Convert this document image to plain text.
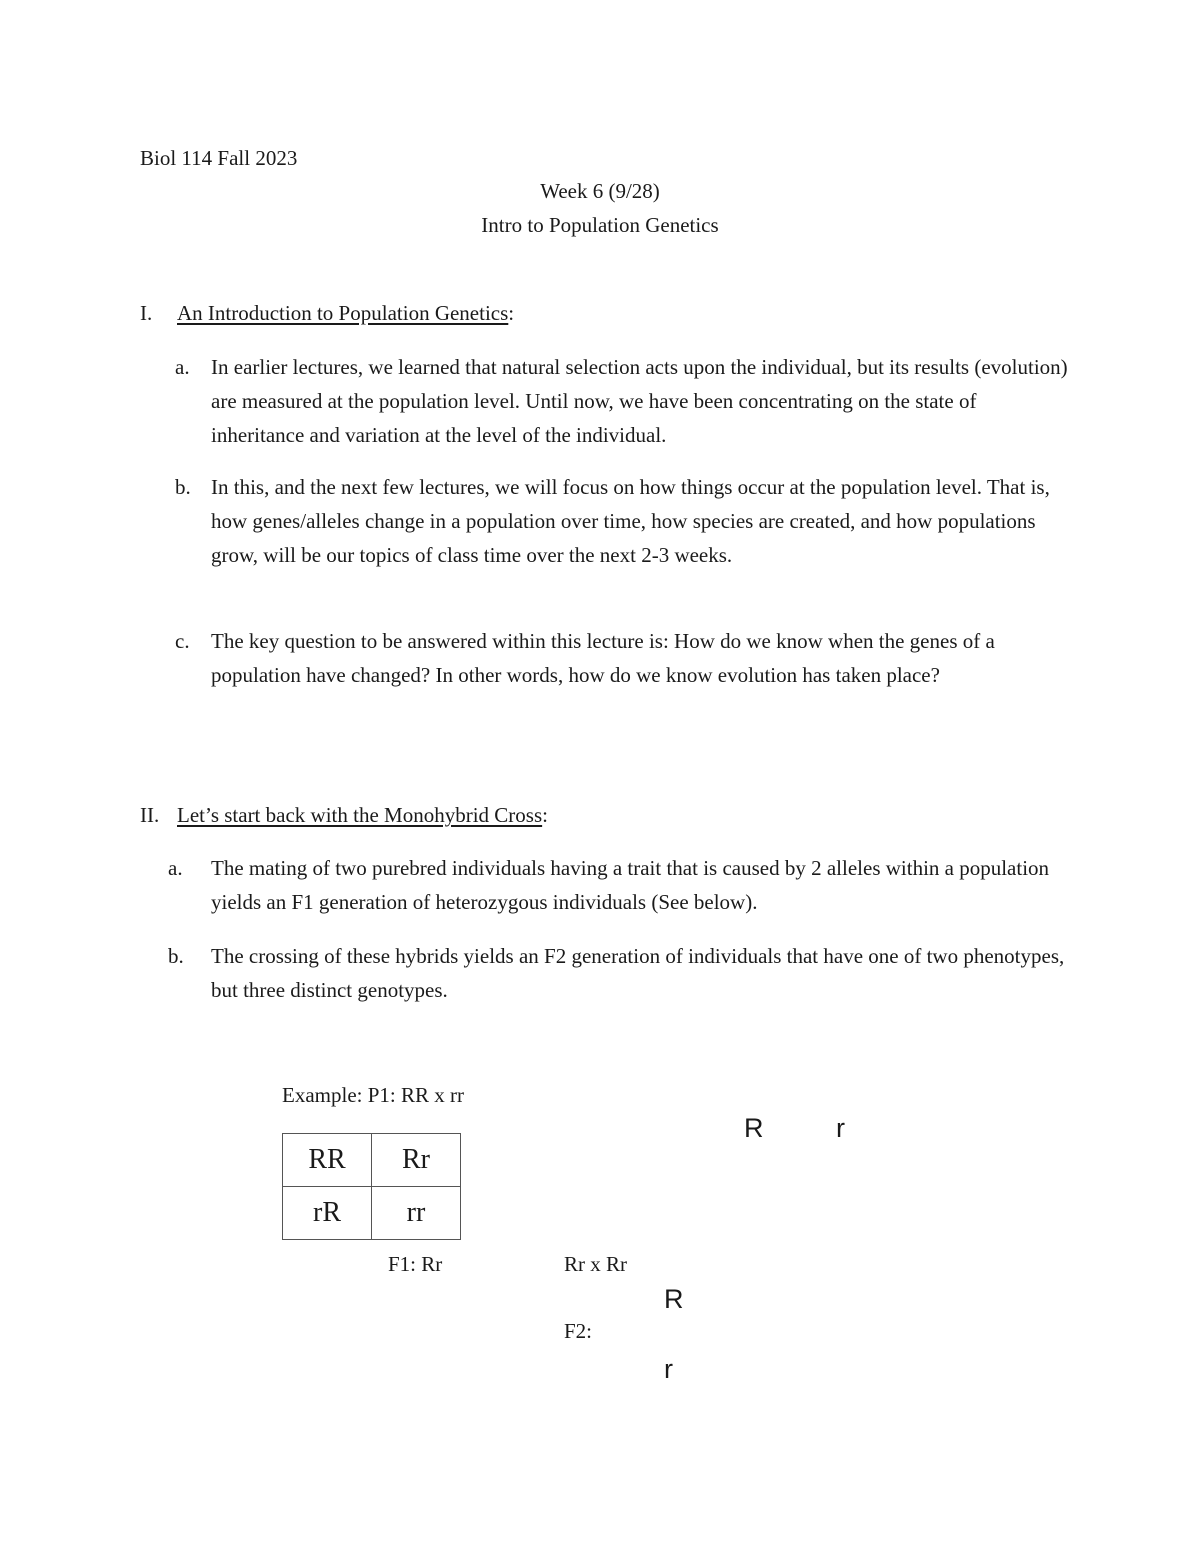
Biol 114 Fall 2023
Week 6 (9/28)
Intro to Population Genetics
I. An Introduction to Population Genetics:
a. In earlier lectures, we learned that natural selection acts upon the individual, but its results (evolution) are measured at the population level. Until now, we have been concentrating on the state of inheritance and variation at the level of the individual.
b. In this, and the next few lectures, we will focus on how things occur at the population level. That is, how genes/alleles change in a population over time, how species are created, and how populations grow, will be our topics of class time over the next 2-3 weeks.
c. The key question to be answered within this lecture is: How do we know when the genes of a population have changed? In other words, how do we know evolution has taken place?
II. Let’s start back with the Monohybrid Cross:
a. The mating of two purebred individuals having a trait that is caused by 2 alleles within a population yields an F1 generation of heterozygous individuals (See below).
b. The crossing of these hybrids yields an F2 generation of individuals that have one of two phenotypes, but three distinct genotypes.
Example: P1: RR x rr
RR	Rr
rR	rr
F1: Rr	Rr x Rr
F2:
R	r
R
r
